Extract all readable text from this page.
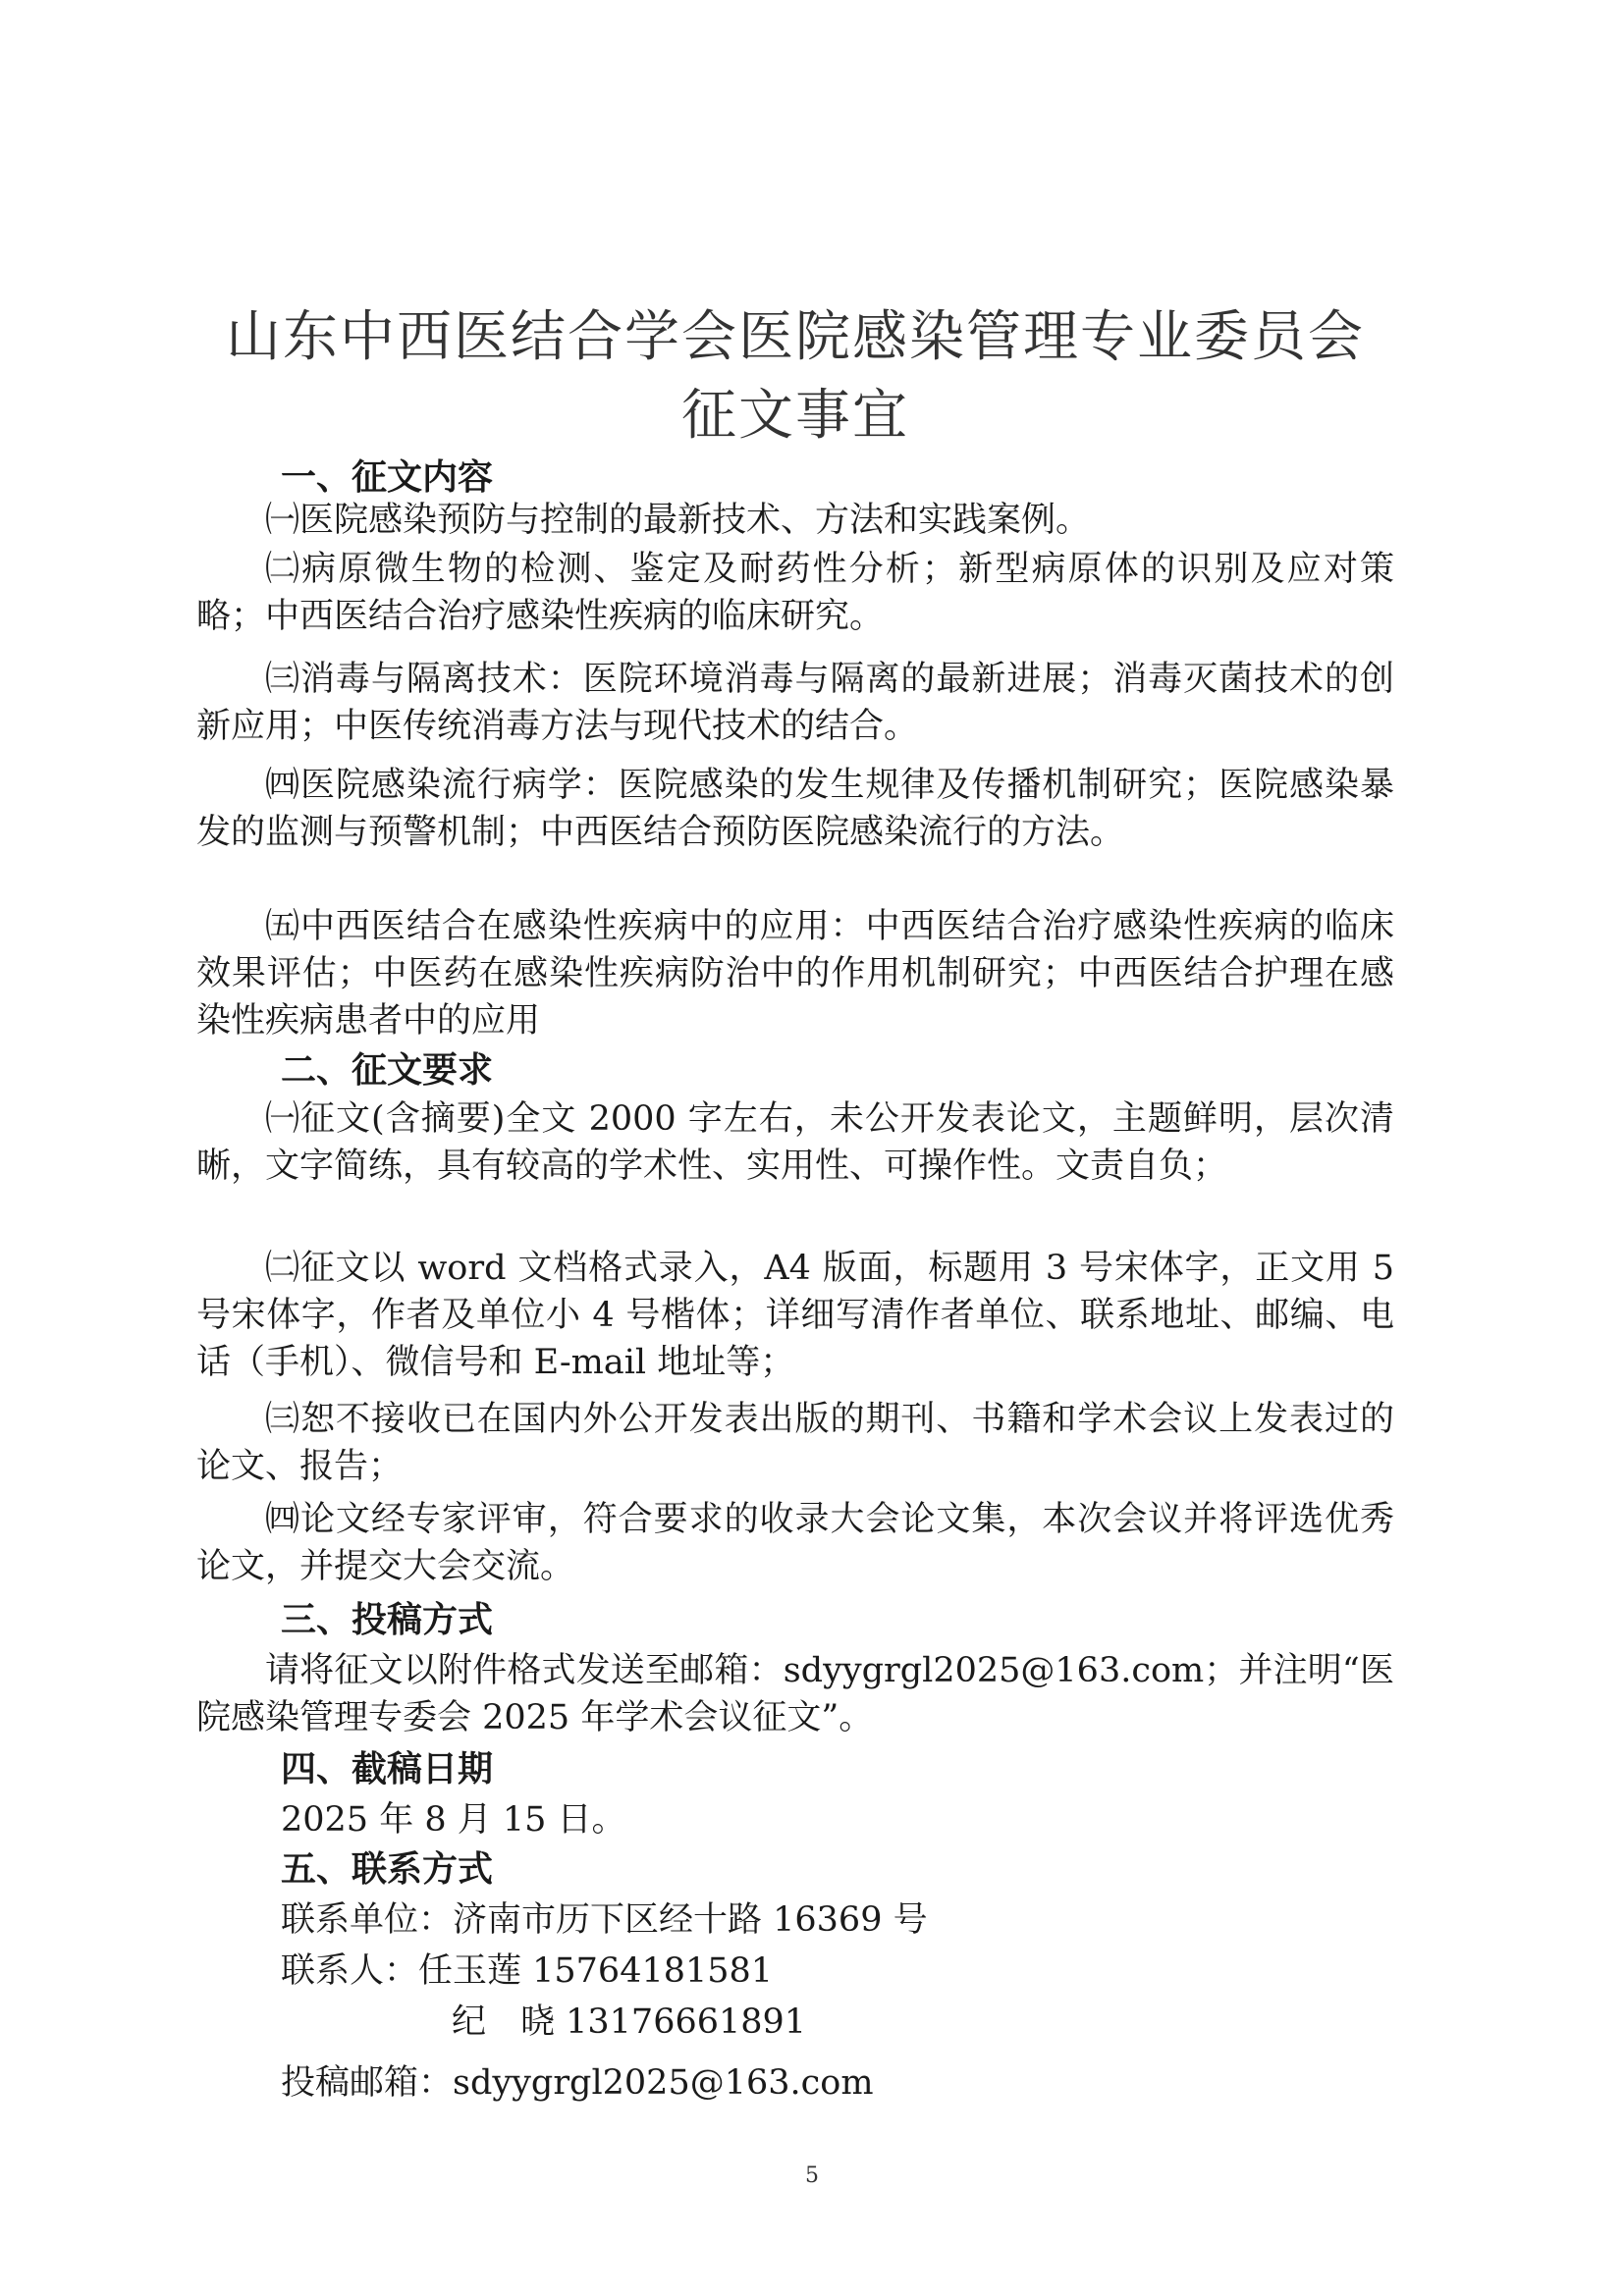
山东中西医结合学会医院感染管理专业委员会
征文事宜
一、征文内容

㈠医院感染预防与控制的最新技术、方法和实践案例。

㈡病原微生物的检测、鉴定及耐药性分析；新型病原体的识别及应对策略；中西医结合治疗感染性疾病的临床研究。

㈢消毒与隔离技术：医院环境消毒与隔离的最新进展；消毒灭菌技术的创新应用；中医传统消毒方法与现代技术的结合。

㈣医院感染流行病学：医院感染的发生规律及传播机制研究；医院感染暴发的监测与预警机制；中西医结合预防医院感染流行的方法。

㈤中西医结合在感染性疾病中的应用：中西医结合治疗感染性疾病的临床效果评估；中医药在感染性疾病防治中的作用机制研究；中西医结合护理在感染性疾病患者中的应用

二、征文要求

㈠征文(含摘要)全文 2000 字左右，未公开发表论文，主题鲜明，层次清晰，文字简练，具有较高的学术性、实用性、可操作性。文责自负；

㈡征文以 word 文档格式录入，A4 版面，标题用 3 号宋体字，正文用 5 号宋体字，作者及单位小 4 号楷体；详细写清作者单位、联系地址、邮编、电话（手机）、微信号和 E-mail 地址等；

㈢恕不接收已在国内外公开发表出版的期刊、书籍和学术会议上发表过的论文、报告；

㈣论文经专家评审，符合要求的收录大会论文集，本次会议并将评选优秀论文，并提交大会交流。

三、投稿方式

请将征文以附件格式发送至邮箱：sdyygrgl2025@163.com；并注明“医院感染管理专委会 2025 年学术会议征文”。

四、截稿日期
2025 年 8 月 15 日。
五、联系方式
联系单位：济南市历下区经十路 16369 号
联系人：任玉莲 15764181581
纪　晓 13176661891
投稿邮箱：sdyygrgl2025@163.com
5
